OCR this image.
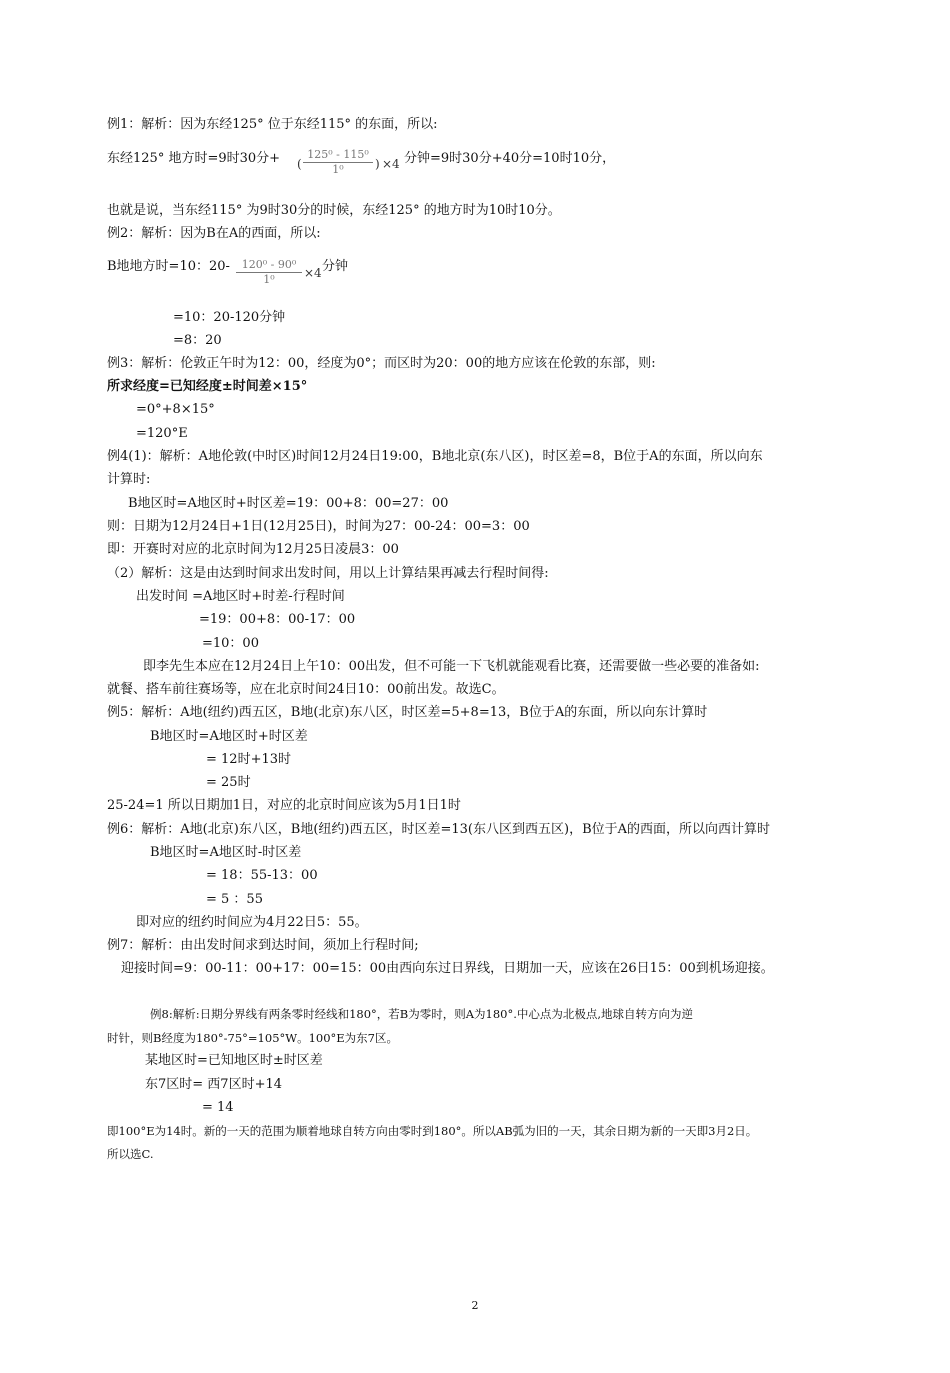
例1：解析：因为东经125° 位于东经115° 的东面，所以:
东经125° 地方时=9时30分+ (
125⁰ - 115⁰
1⁰	) ×4 分钟=9时30分+40分=10时10分，
也就是说，当东经115° 为9时30分的时候，东经125° 的地方时为10时10分。
例2：解析：因为B在A的西面，所以:
B地地方时=10：20-	120⁰ - 90⁰
1⁰	×4 分钟
=10：20-120分钟
=8：20
例3：解析：伦敦正午时为12：00，经度为0°；而区时为20：00的地方应该在伦敦的东部，则:
所求经度=已知经度±时间差×15°
=0°+8×15°
=120°E
例4(1)：解析：A地伦敦(中时区)时间12月24日19:00，B地北京(东八区)，时区差=8，B位于A的东面，所以向东
计算时:
B地区时=A地区时+时区差=19：00+8：00=27：00
则：日期为12月24日+1日(12月25日)，时间为27：00-24：00=3：00
即：开赛时对应的北京时间为12月25日凌晨3：00
（2）解析：这是由达到时间求出发时间，用以上计算结果再减去行程时间得:
出发时间 =A地区时+时差-行程时间
=19：00+8：00-17：00
=10：00
即李先生本应在12月24日上午10：00出发，但不可能一下飞机就能观看比赛，还需要做一些必要的准备如:
就餐、搭车前往赛场等，应在北京时间24日10：00前出发。故选C。
例5：解析：A地(纽约)西五区，B地(北京)东八区，时区差=5+8=13，B位于A的东面，所以向东计算时
B地区时=A地区时+时区差
= 12时+13时
= 25时
25-24=1 所以日期加1日，对应的北京时间应该为5月1日1时
例6：解析：A地(北京)东八区，B地(纽约)西五区，时区差=13(东八区到西五区)，B位于A的西面，所以向西计算时
B地区时=A地区时-时区差
= 18：55-13：00
= 5 ：55
即对应的纽约时间应为4月22日5：55。
例7：解析：由出发时间求到达时间，须加上行程时间;
迎接时间=9：00-11：00+17：00=15：00由西向东过日界线，日期加一天，应该在26日15：00到机场迎接。
例8:解析:日期分界线有两条零时经线和180°，若B为零时，则A为180°.中心点为北极点,地球自转方向为逆
时针，则B经度为180°-75°=105°W。100°E为东7区。
某地区时=已知地区时±时区差
东7区时= 西7区时+14
= 14
即100°E为14时。新的一天的范围为顺着地球自转方向由零时到180°。所以AB弧为旧的一天，其余日期为新的一天即3月2日。
所以选C.
2
